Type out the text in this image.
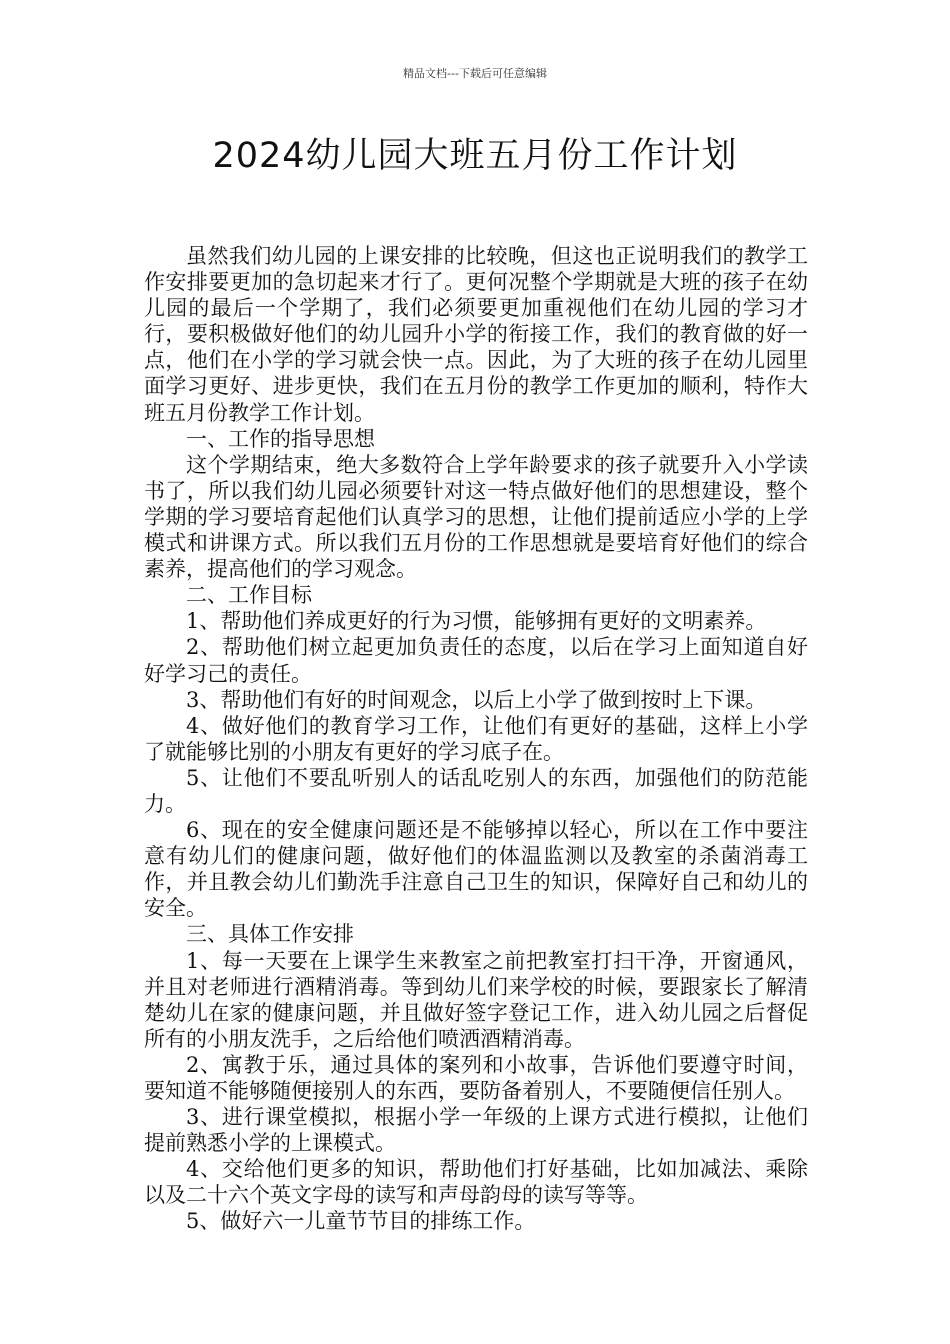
精品文档---下载后可任意编辑
2024幼儿园大班五月份工作计划

虽然我们幼儿园的上课安排的比较晚，但这也正说明我们的教学工作安排要更加的急切起来才行了。更何况整个学期就是大班的孩子在幼儿园的最后一个学期了，我们必须要更加重视他们在幼儿园的学习才行，要积极做好他们的幼儿园升小学的衔接工作，我们的教育做的好一点，他们在小学的学习就会快一点。因此，为了大班的孩子在幼儿园里面学习更好、进步更快，我们在五月份的教学工作更加的顺利，特作大班五月份教学工作计划。

一、工作的指导思想

这个学期结束，绝大多数符合上学年龄要求的孩子就要升入小学读书了，所以我们幼儿园必须要针对这一特点做好他们的思想建设，整个学期的学习要培育起他们认真学习的思想，让他们提前适应小学的上学模式和讲课方式。所以我们五月份的工作思想就是要培育好他们的综合素养，提高他们的学习观念。

二、工作目标

1、帮助他们养成更好的行为习惯，能够拥有更好的文明素养。

2、帮助他们树立起更加负责任的态度，以后在学习上面知道自好好学习己的责任。

3、帮助他们有好的时间观念，以后上小学了做到按时上下课。

4、做好他们的教育学习工作，让他们有更好的基础，这样上小学了就能够比别的小朋友有更好的学习底子在。

5、让他们不要乱听别人的话乱吃别人的东西，加强他们的防范能力。

6、现在的安全健康问题还是不能够掉以轻心，所以在工作中要注意有幼儿们的健康问题，做好他们的体温监测以及教室的杀菌消毒工作，并且教会幼儿们勤洗手注意自己卫生的知识，保障好自己和幼儿的安全。

三、具体工作安排

1、每一天要在上课学生来教室之前把教室打扫干净，开窗通风，并且对老师进行酒精消毒。等到幼儿们来学校的时候，要跟家长了解清楚幼儿在家的健康问题，并且做好签字登记工作，进入幼儿园之后督促所有的小朋友洗手，之后给他们喷洒酒精消毒。

2、寓教于乐，通过具体的案列和小故事，告诉他们要遵守时间，要知道不能够随便接别人的东西，要防备着别人，不要随便信任别人。

3、进行课堂模拟，根据小学一年级的上课方式进行模拟，让他们提前熟悉小学的上课模式。

4、交给他们更多的知识，帮助他们打好基础，比如加减法、乘除以及二十六个英文字母的读写和声母韵母的读写等等。

5、做好六一儿童节节目的排练工作。
